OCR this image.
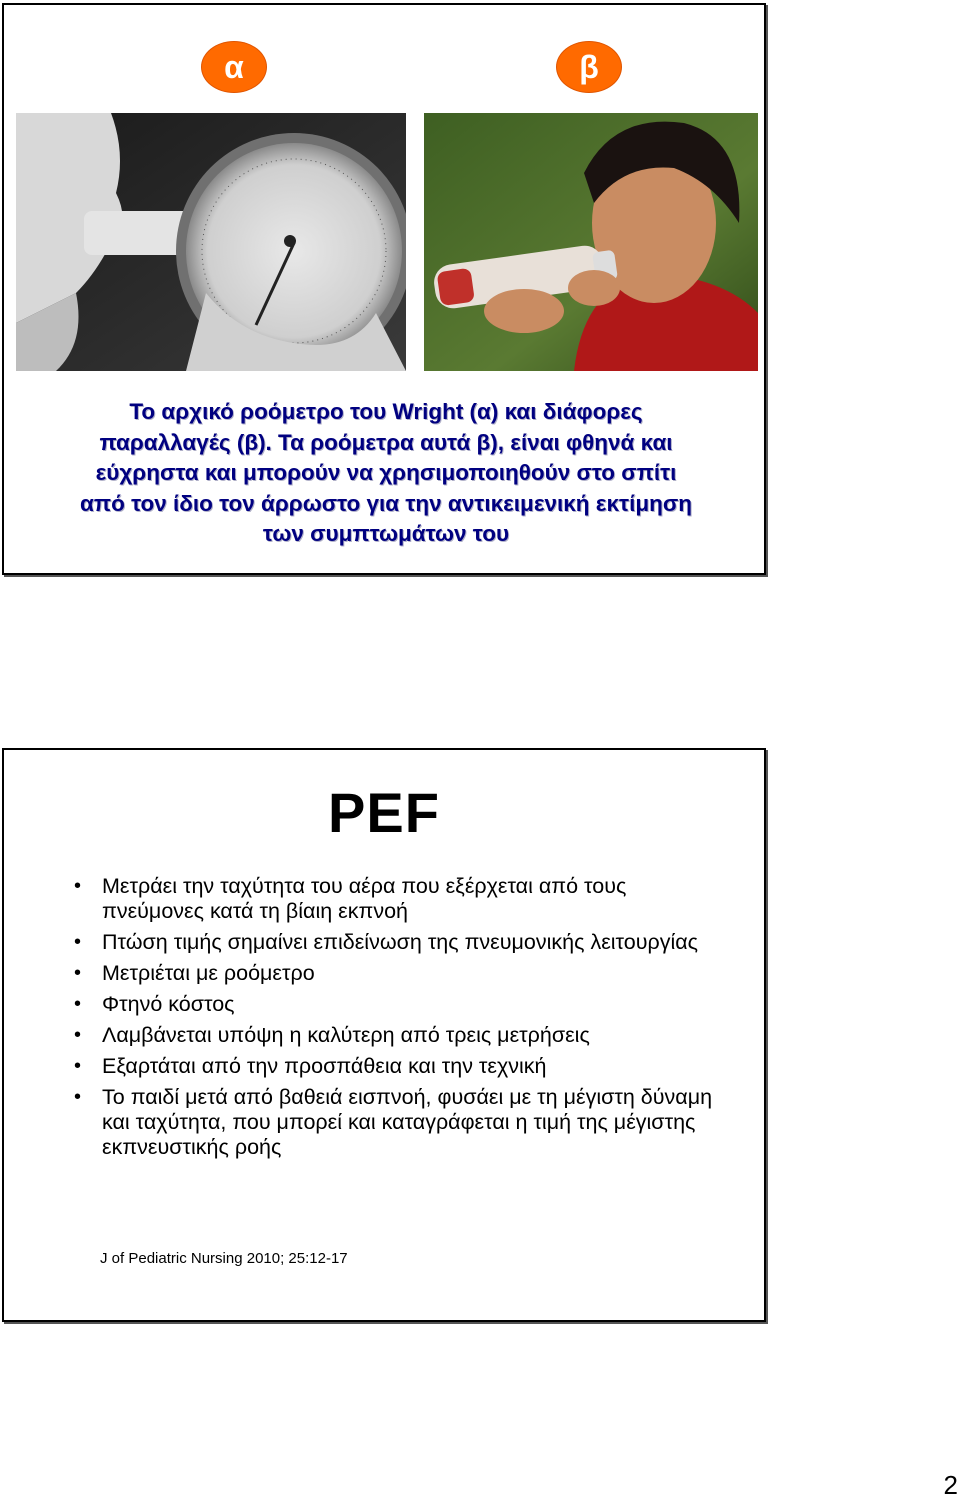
α	β
Το αρχικό ροόμετρο του Wright (α) και διάφορες
παραλλαγές (β). Τα ροόμετρα αυτά β), είναι φθηνά και
εύχρηστα και μπορούν να χρησιμοποιηθούν στο σπίτι
από τον ίδιο τον άρρωστο για την αντικειμενική εκτίμηση
των συμπτωμάτων του
PEF
• Μετράει την ταχύτητα του αέρα που εξέρχεται από τους πνεύμονες κατά τη βίαιη εκπνοή
• Πτώση τιμής σημαίνει επιδείνωση της πνευμονικής λειτουργίας
• Μετριέται με ροόμετρο
• Φτηνό κόστος
• Λαμβάνεται υπόψη η καλύτερη από τρεις μετρήσεις
• Εξαρτάται από την προσπάθεια και την τεχνική
• Το παιδί μετά από βαθειά εισπνοή, φυσάει με τη μέγιστη δύναμη και ταχύτητα, που μπορεί και καταγράφεται η τιμή της μέγιστης εκπνευστικής ροής
J of Pediatric Nursing 2010; 25:12-17
2
